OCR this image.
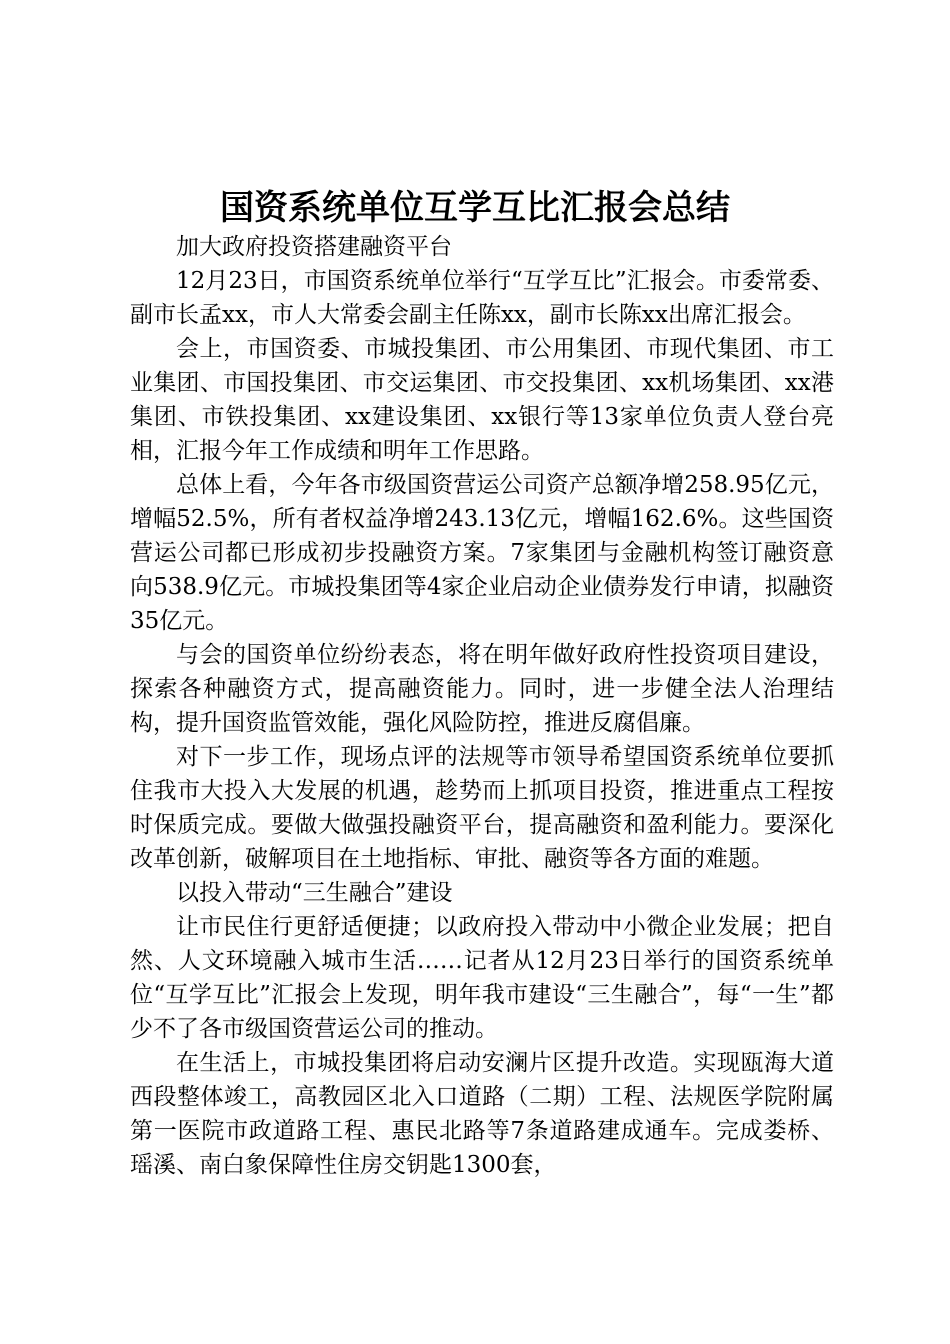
国资系统单位互学互比汇报会总结

加大政府投资搭建融资平台

12月23日，市国资系统单位举行“互学互比”汇报会。市委常委、副市长孟xx，市人大常委会副主任陈xx，副市长陈xx出席汇报会。

会上，市国资委、市城投集团、市公用集团、市现代集团、市工业集团、市国投集团、市交运集团、市交投集团、xx机场集团、xx港集团、市铁投集团、xx建设集团、xx银行等13家单位负责人登台亮相，汇报今年工作成绩和明年工作思路。

总体上看，今年各市级国资营运公司资产总额净增258.95亿元，增幅52.5%，所有者权益净增243.13亿元，增幅162.6%。这些国资营运公司都已形成初步投融资方案。7家集团与金融机构签订融资意向538.9亿元。市城投集团等4家企业启动企业债券发行申请，拟融资35亿元。

与会的国资单位纷纷表态，将在明年做好政府性投资项目建设，探索各种融资方式，提高融资能力。同时，进一步健全法人治理结构，提升国资监管效能，强化风险防控，推进反腐倡廉。

对下一步工作，现场点评的法规等市领导希望国资系统单位要抓住我市大投入大发展的机遇，趁势而上抓项目投资，推进重点工程按时保质完成。要做大做强投融资平台，提高融资和盈利能力。要深化改革创新，破解项目在土地指标、审批、融资等各方面的难题。

以投入带动“三生融合”建设

让市民住行更舒适便捷；以政府投入带动中小微企业发展；把自然、人文环境融入城市生活……记者从12月23日举行的国资系统单位“互学互比”汇报会上发现，明年我市建设“三生融合”，每“一生”都少不了各市级国资营运公司的推动。

在生活上，市城投集团将启动安澜片区提升改造。实现瓯海大道西段整体竣工，高教园区北入口道路（二期）工程、法规医学院附属第一医院市政道路工程、惠民北路等7条道路建成通车。完成娄桥、瑶溪、南白象保障性住房交钥匙1300套，
